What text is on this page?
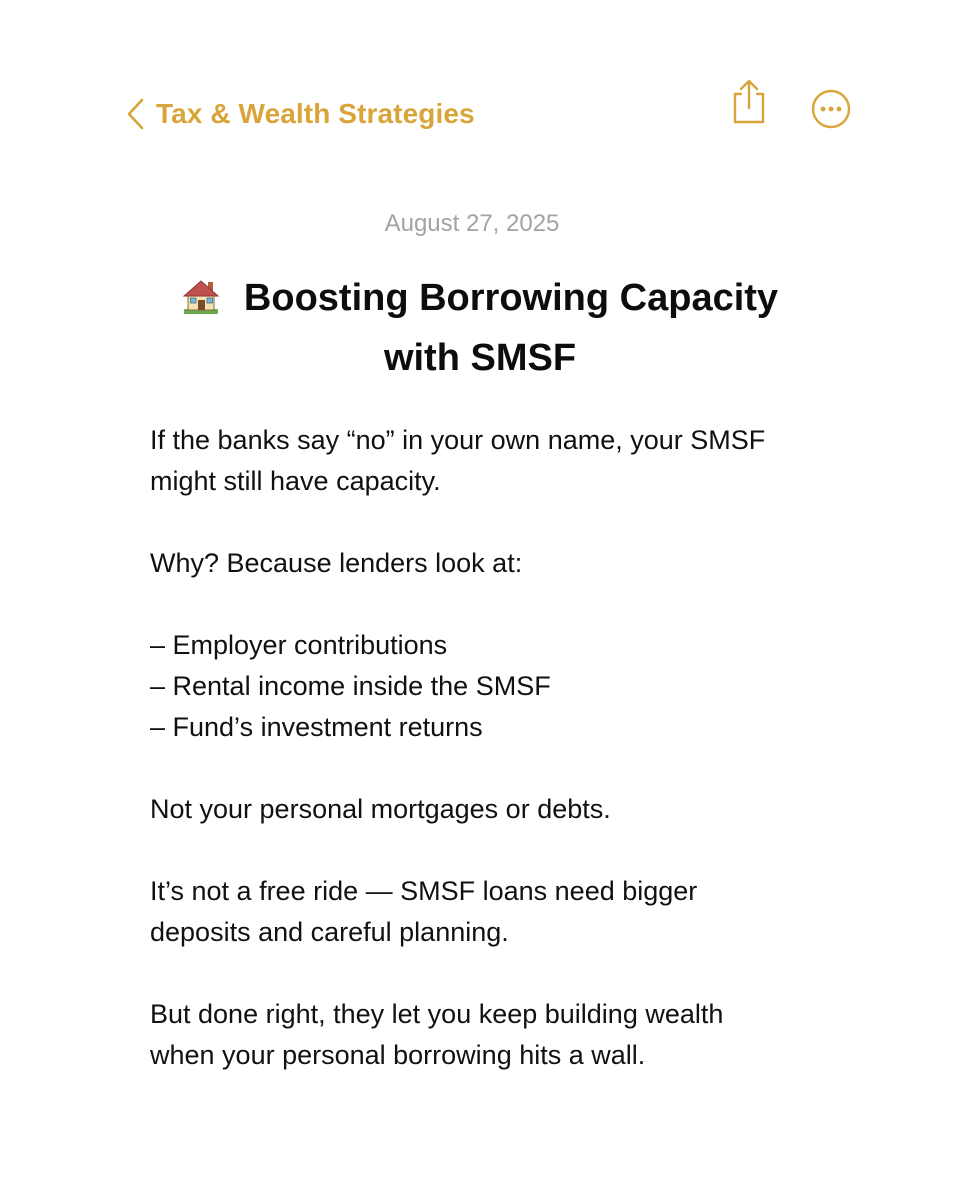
Tax & Wealth Strategies
August 27, 2025
Boosting Borrowing Capacity
with SMSF

If the banks say “no” in your own name, your SMSF
might still have capacity.

Why? Because lenders look at:

– Employer contributions
– Rental income inside the SMSF
– Fund’s investment returns

Not your personal mortgages or debts.

It’s not a free ride — SMSF loans need bigger
deposits and careful planning.

But done right, they let you keep building wealth
when your personal borrowing hits a wall.
